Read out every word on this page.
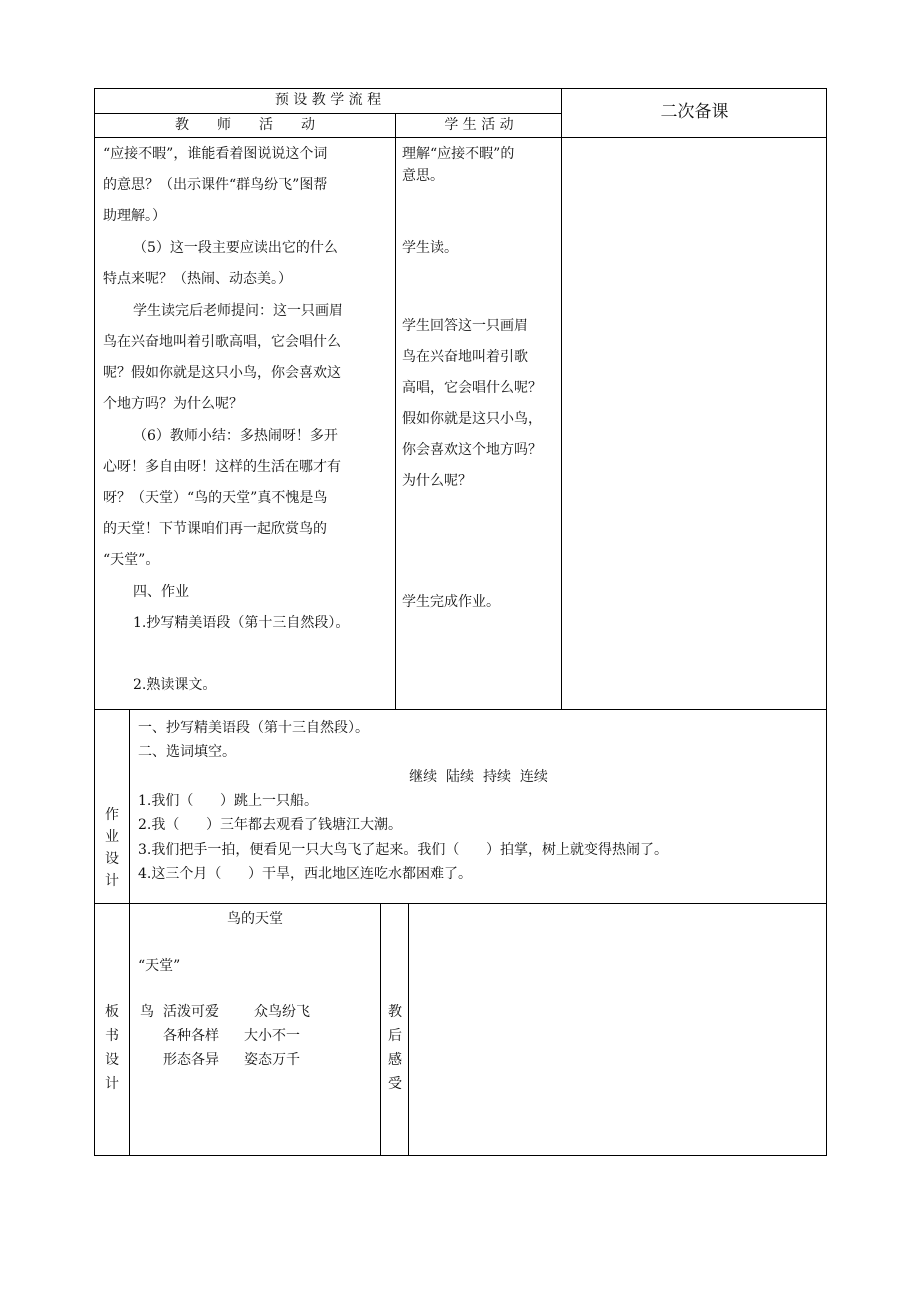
预 设 教 学 流 程
教　　师　　活　　动	学 生 活 动
二次备课
“应接不暇”，谁能看着图说说这个词
的意思？（出示课件“群鸟纷飞”图帮
助理解。）
（5）这一段主要应读出它的什么
特点来呢？（热闹、动态美。）
学生读完后老师提问：这一只画眉
鸟在兴奋地叫着引歌高唱，它会唱什么
呢？假如你就是这只小鸟，你会喜欢这
个地方吗？为什么呢？
（6）教师小结：多热闹呀！多开
心呀！多自由呀！这样的生活在哪才有
呀？（天堂）“鸟的天堂”真不愧是鸟
的天堂！下节课咱们再一起欣赏鸟的
“天堂”。
四、作业
1.抄写精美语段（第十三自然段）。
2.熟读课文。
理解“应接不暇”的
意思。
学生读。
学生回答这一只画眉
鸟在兴奋地叫着引歌
高唱，它会唱什么呢？
假如你就是这只小鸟，
你会喜欢这个地方吗？
为什么呢？
学生完成作业。
作
业
设
计
一、抄写精美语段（第十三自然段）。
二、选词填空。
继续  陆续  持续  连续
1.我们（      ）跳上一只船。
2.我（      ）三年都去观看了钱塘江大潮。
3.我们把手一拍，便看见一只大鸟飞了起来。我们（      ）拍掌，树上就变得热闹了。
4.这三个月（      ）干旱，西北地区连吃水都困难了。
板
书
设
计
鸟的天堂
“天堂”
鸟 活泼可爱	众鸟纷飞
各种各样 大小不一
形态各异 姿态万千
教
后
感
受
